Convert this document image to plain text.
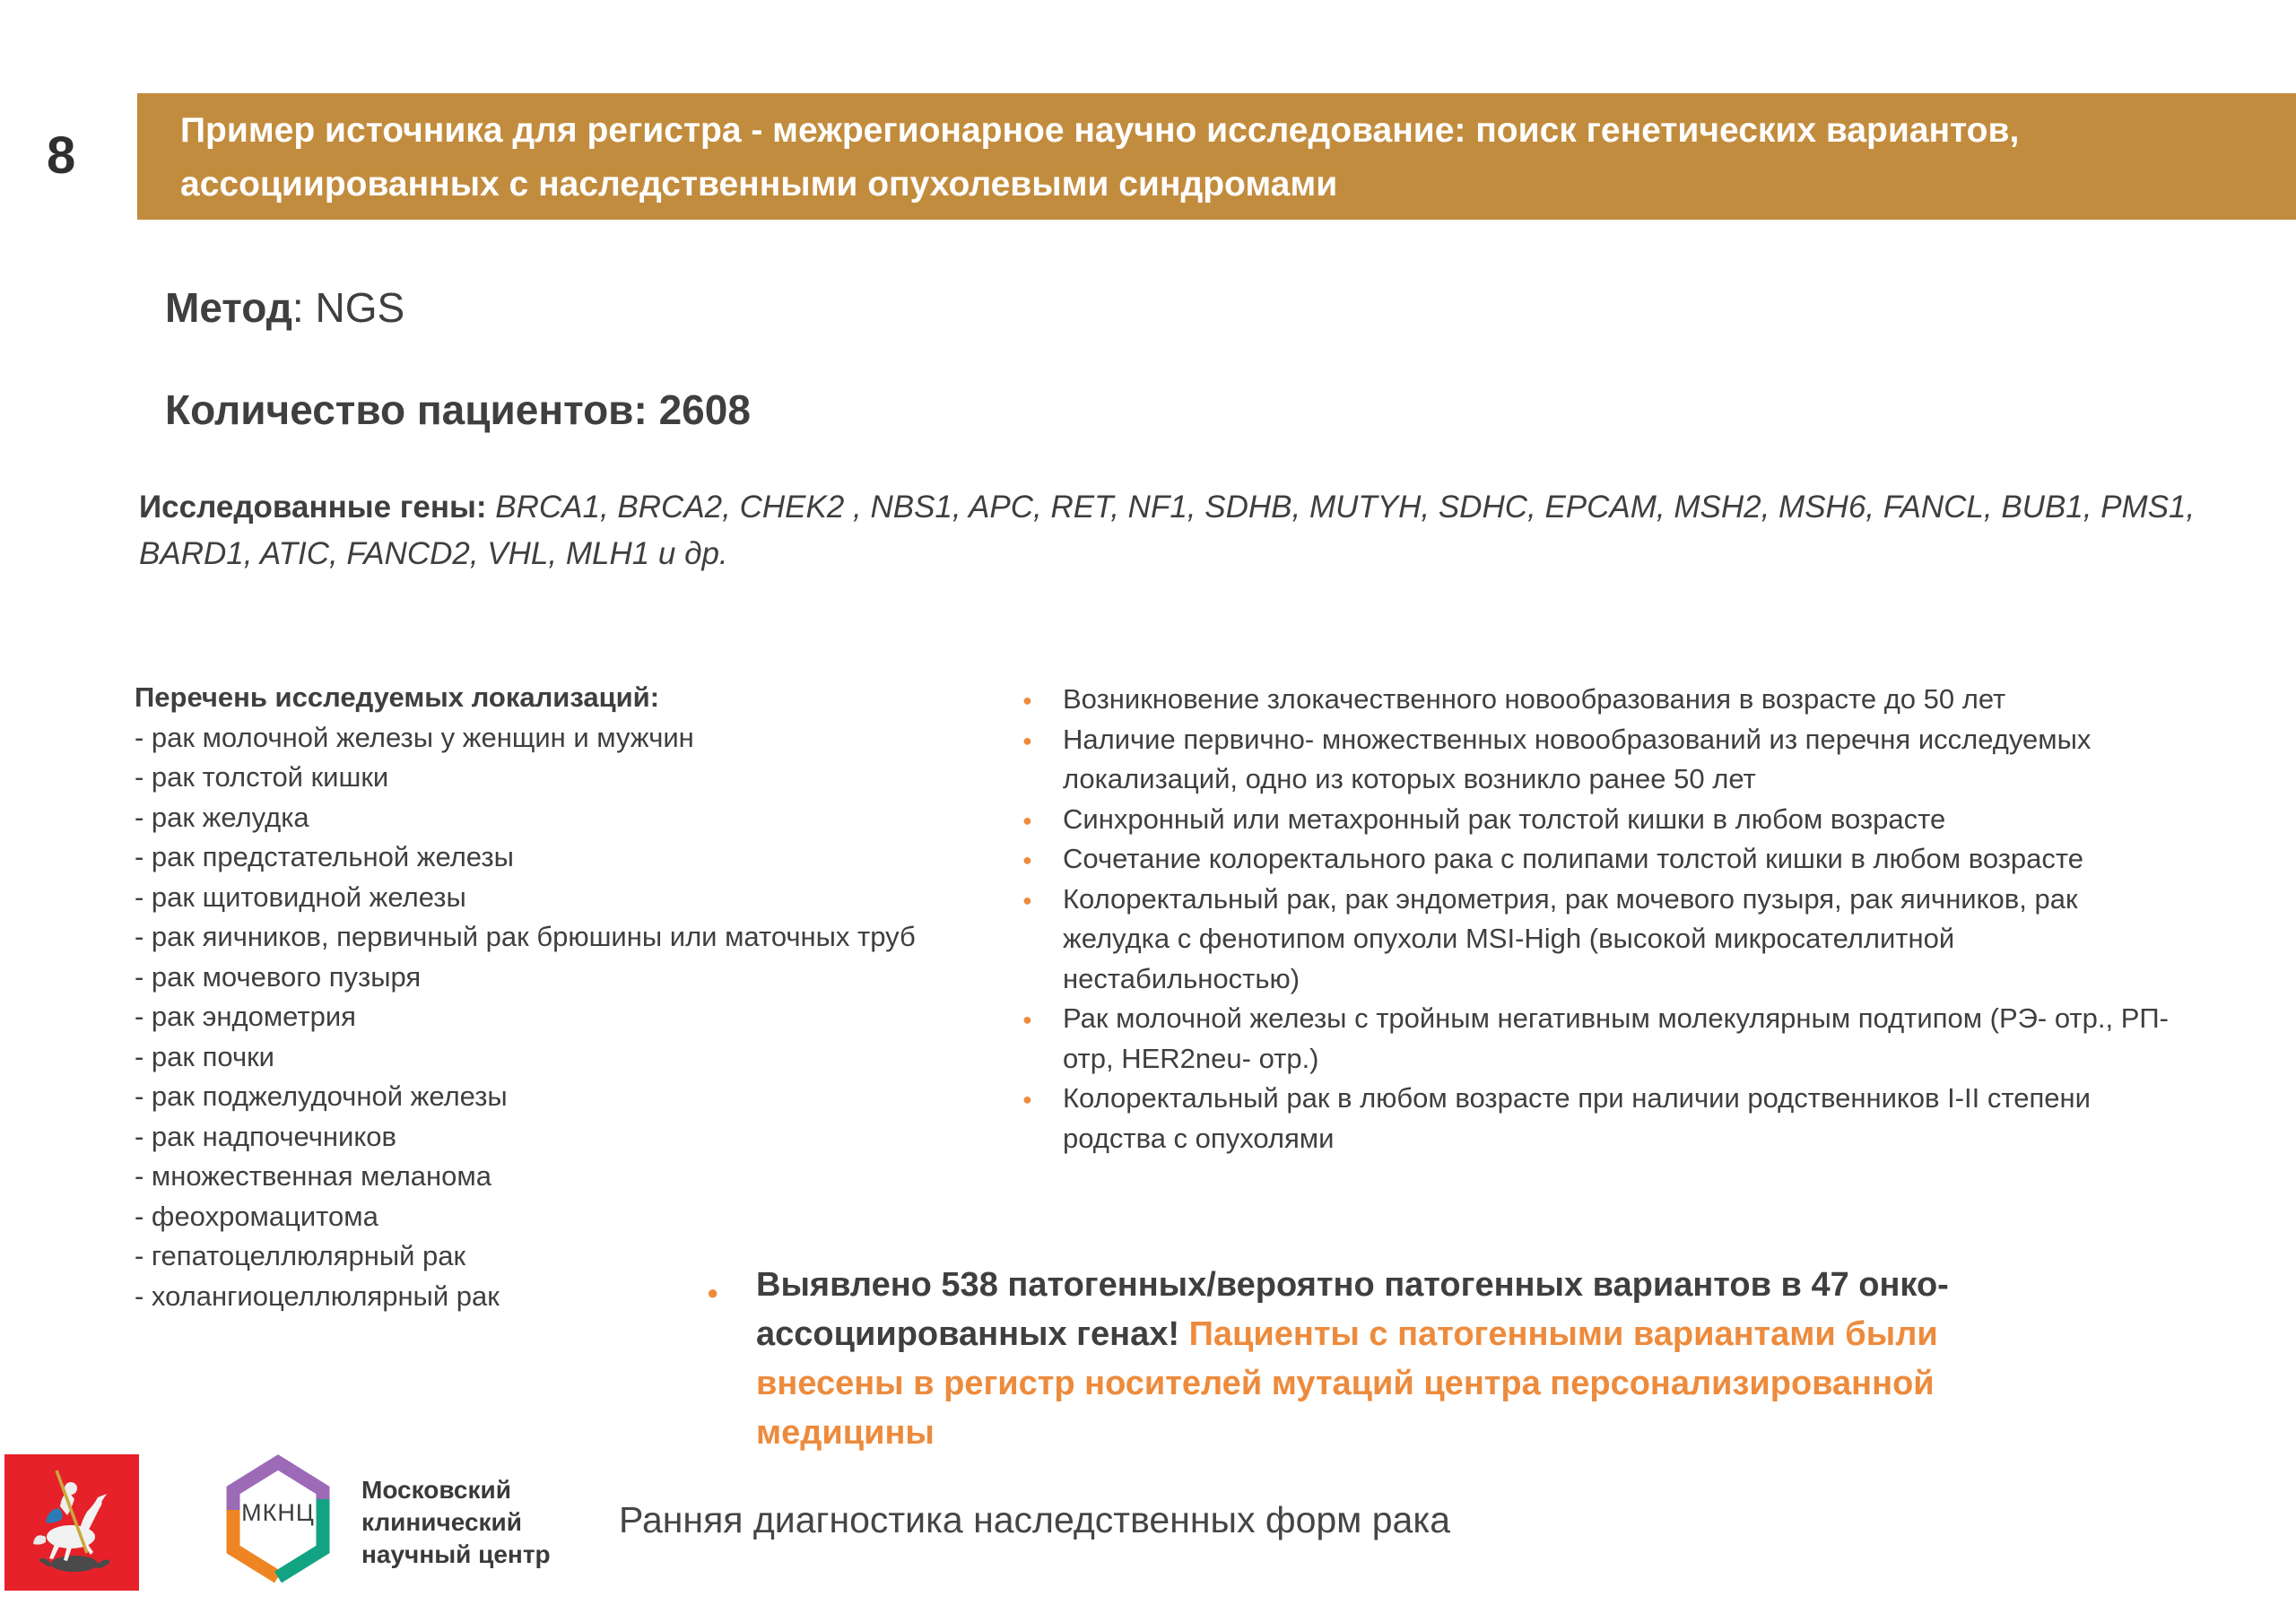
8	Пример источника для регистра - межрегионарное научно исследование: поиск генетических вариантов, ассоциированных с наследственными опухолевыми синдромами
Метод: NGS
Количество пациентов: 2608
Исследованные гены: BRCA1, BRCA2, CHEK2 , NBS1, APC, RET, NF1, SDHB, MUTYH, SDHC, EPCAM, MSH2, MSH6, FANCL, BUB1, PMS1, BARD1, ATIC, FANCD2, VHL, MLH1 и др.
Перечень исследуемых локализаций:
- рак молочной железы у женщин и мужчин
- рак толстой кишки
- рак желудка
- рак предстательной железы
- рак щитовидной железы
- рак яичников, первичный рак брюшины или маточных труб
- рак мочевого пузыря
- рак эндометрия
- рак почки
- рак поджелудочной железы
- рак надпочечников
- множественная меланома
- феохромацитома
- гепатоцеллюлярный рак
- холангиоцеллюлярный рак
● Возникновение злокачественного новообразования в возрасте до 50 лет
● Наличие первично- множественных новообразований из перечня исследуемых локализаций, одно из которых возникло ранее 50 лет
● Синхронный или метахронный рак толстой кишки в любом возрасте
● Сочетание колоректального рака с полипами толстой кишки в любом возрасте
● Колоректальный рак, рак эндометрия, рак мочевого пузыря, рак яичников, рак желудка с фенотипом опухоли MSI-High (высокой микросателлитной нестабильностью)
● Рак молочной железы с тройным негативным молекулярным подтипом (РЭ- отр., РП- отр, HER2neu- отр.)
● Колоректальный рак в любом возрасте при наличии родственников I-II степени родства с опухолями
● Выявлено 538 патогенных/вероятно патогенных вариантов в 47 онко-ассоциированных генах! Пациенты с патогенными вариантами были внесены в регистр носителей мутаций центра персонализированной медицины
МКНЦ
Московский
клинический
научный центр
Ранняя диагностика наследственных форм рака
